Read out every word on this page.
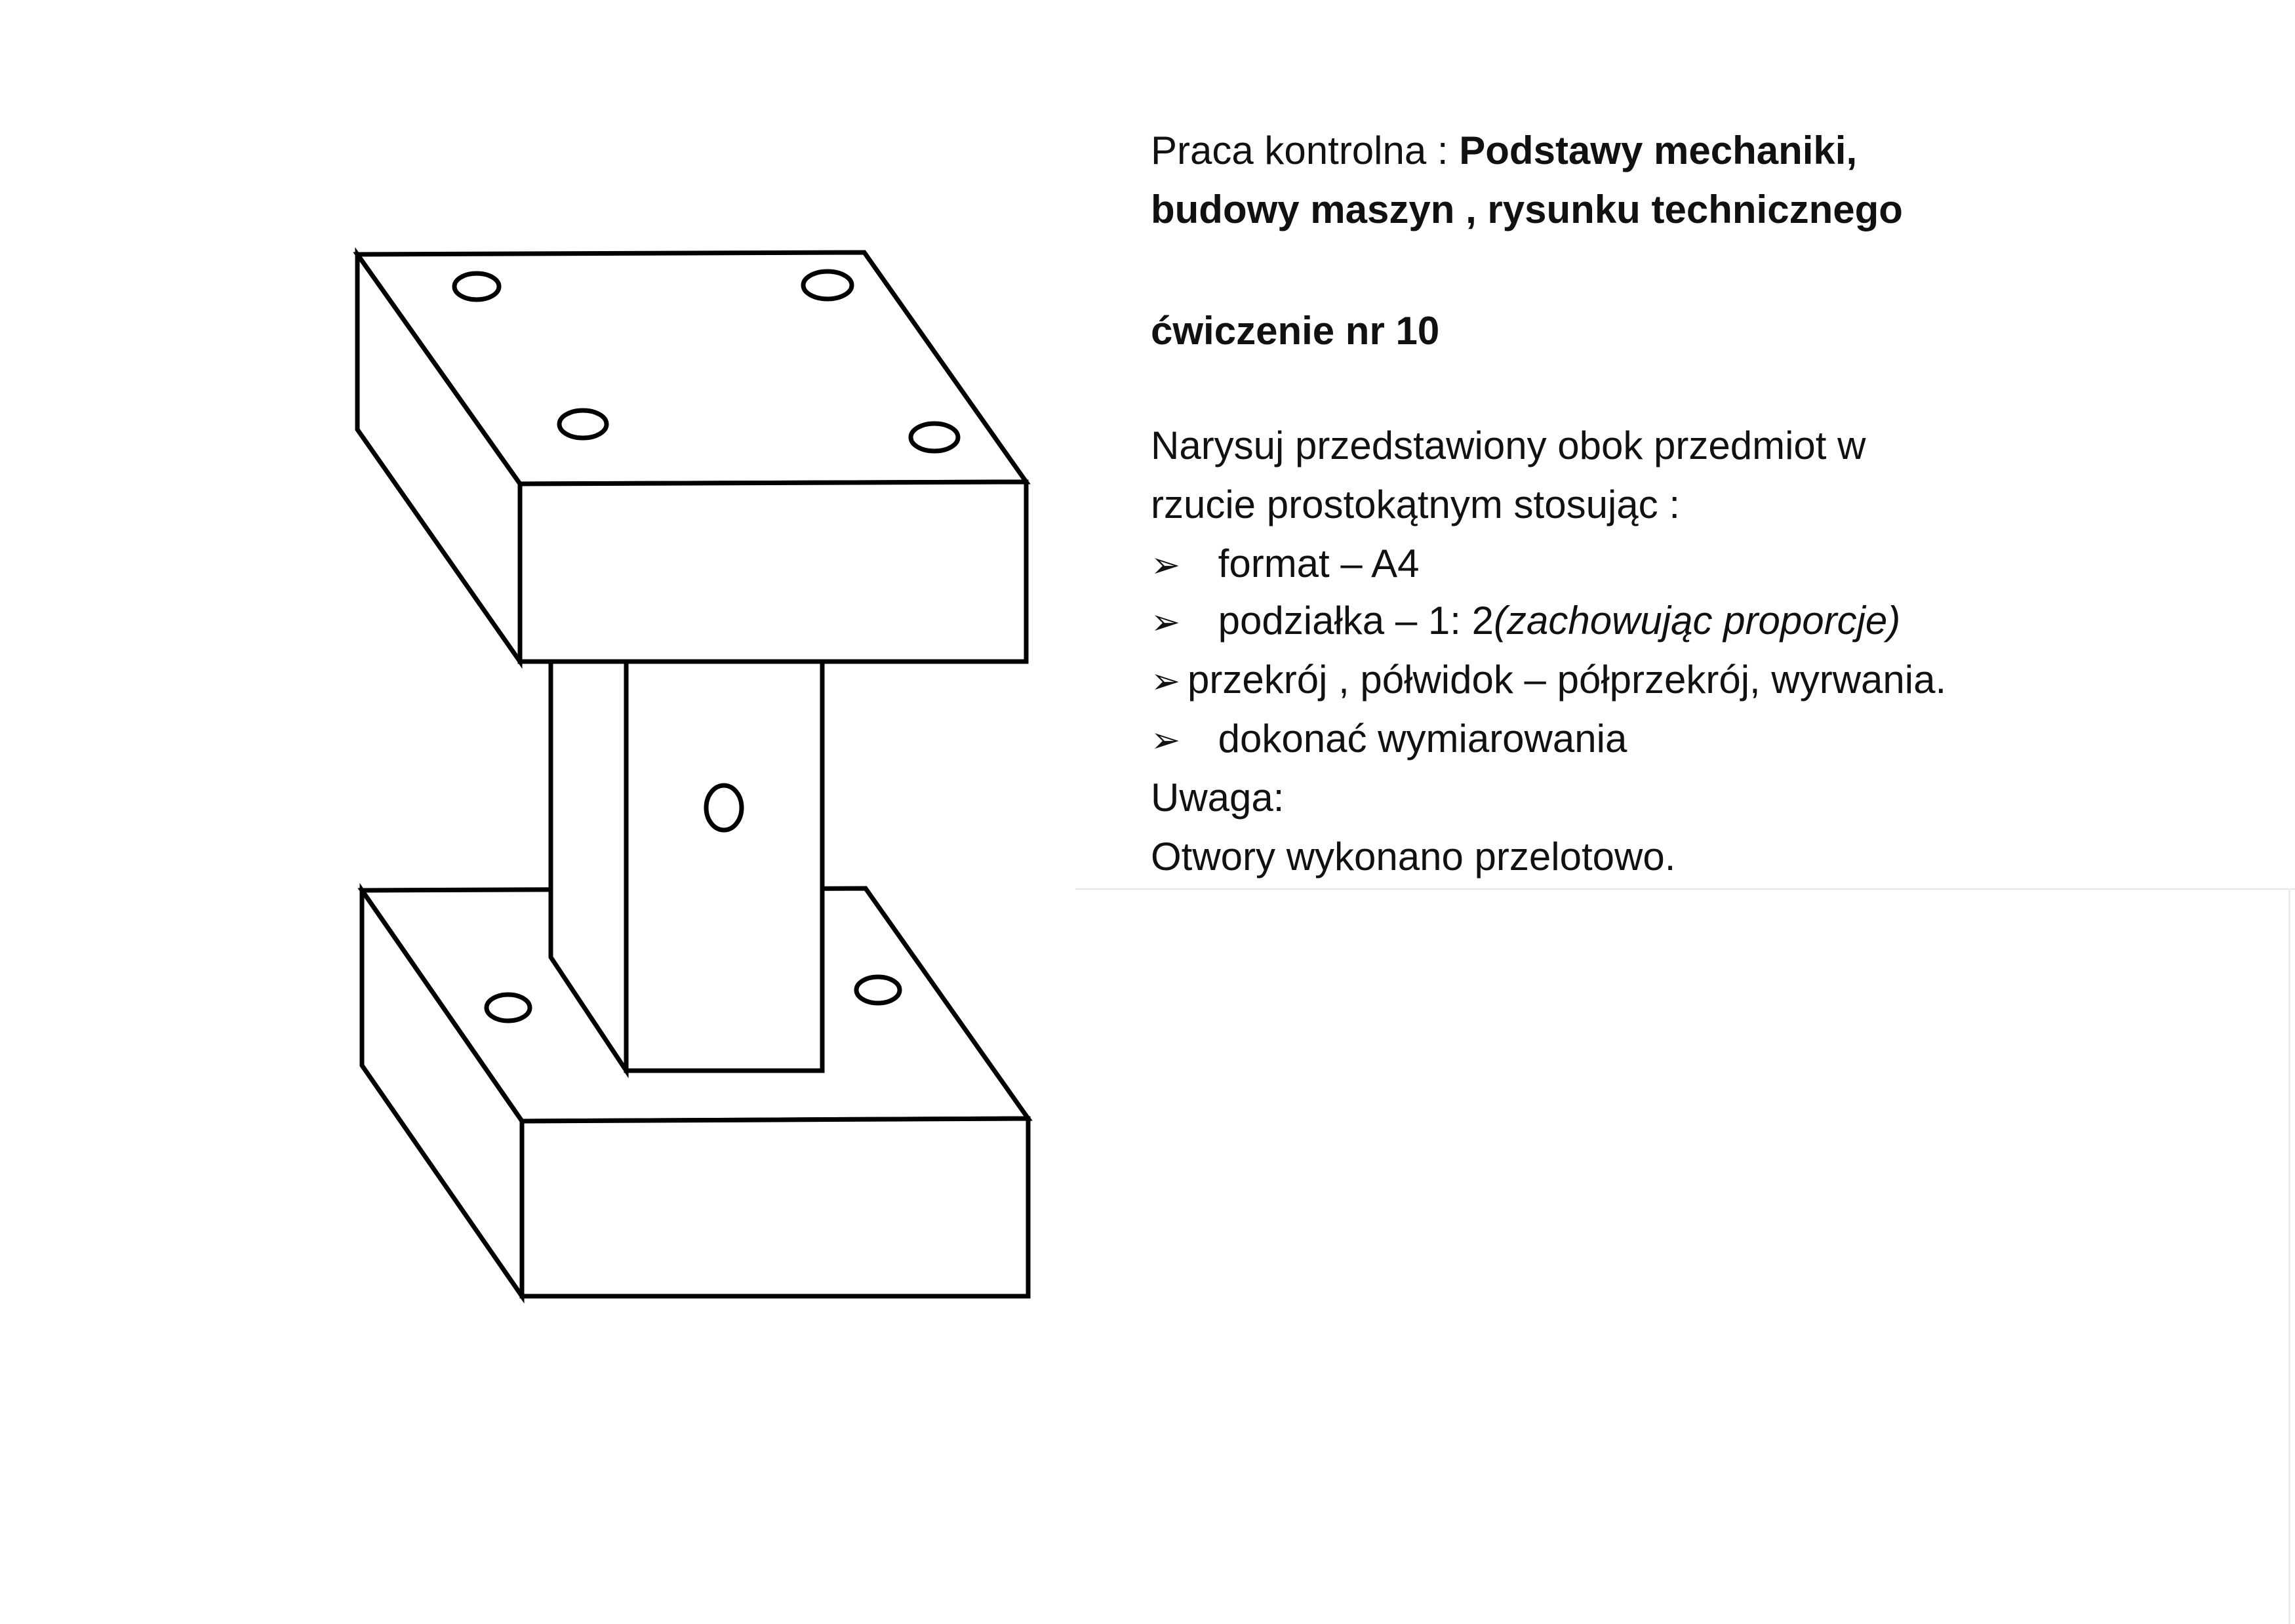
Praca kontrolna : Podstawy mechaniki,
budowy maszyn , rysunku technicznego
ćwiczenie nr 10
Narysuj przedstawiony obok przedmiot w
rzucie prostokątnym stosując :
➢ format – A4
➢ podziałka – 1: 2(zachowując proporcje)
➢ przekrój , półwidok – półprzekrój, wyrwania.
➢ dokonać wymiarowania
Uwaga:
Otwory wykonano przelotowo.
